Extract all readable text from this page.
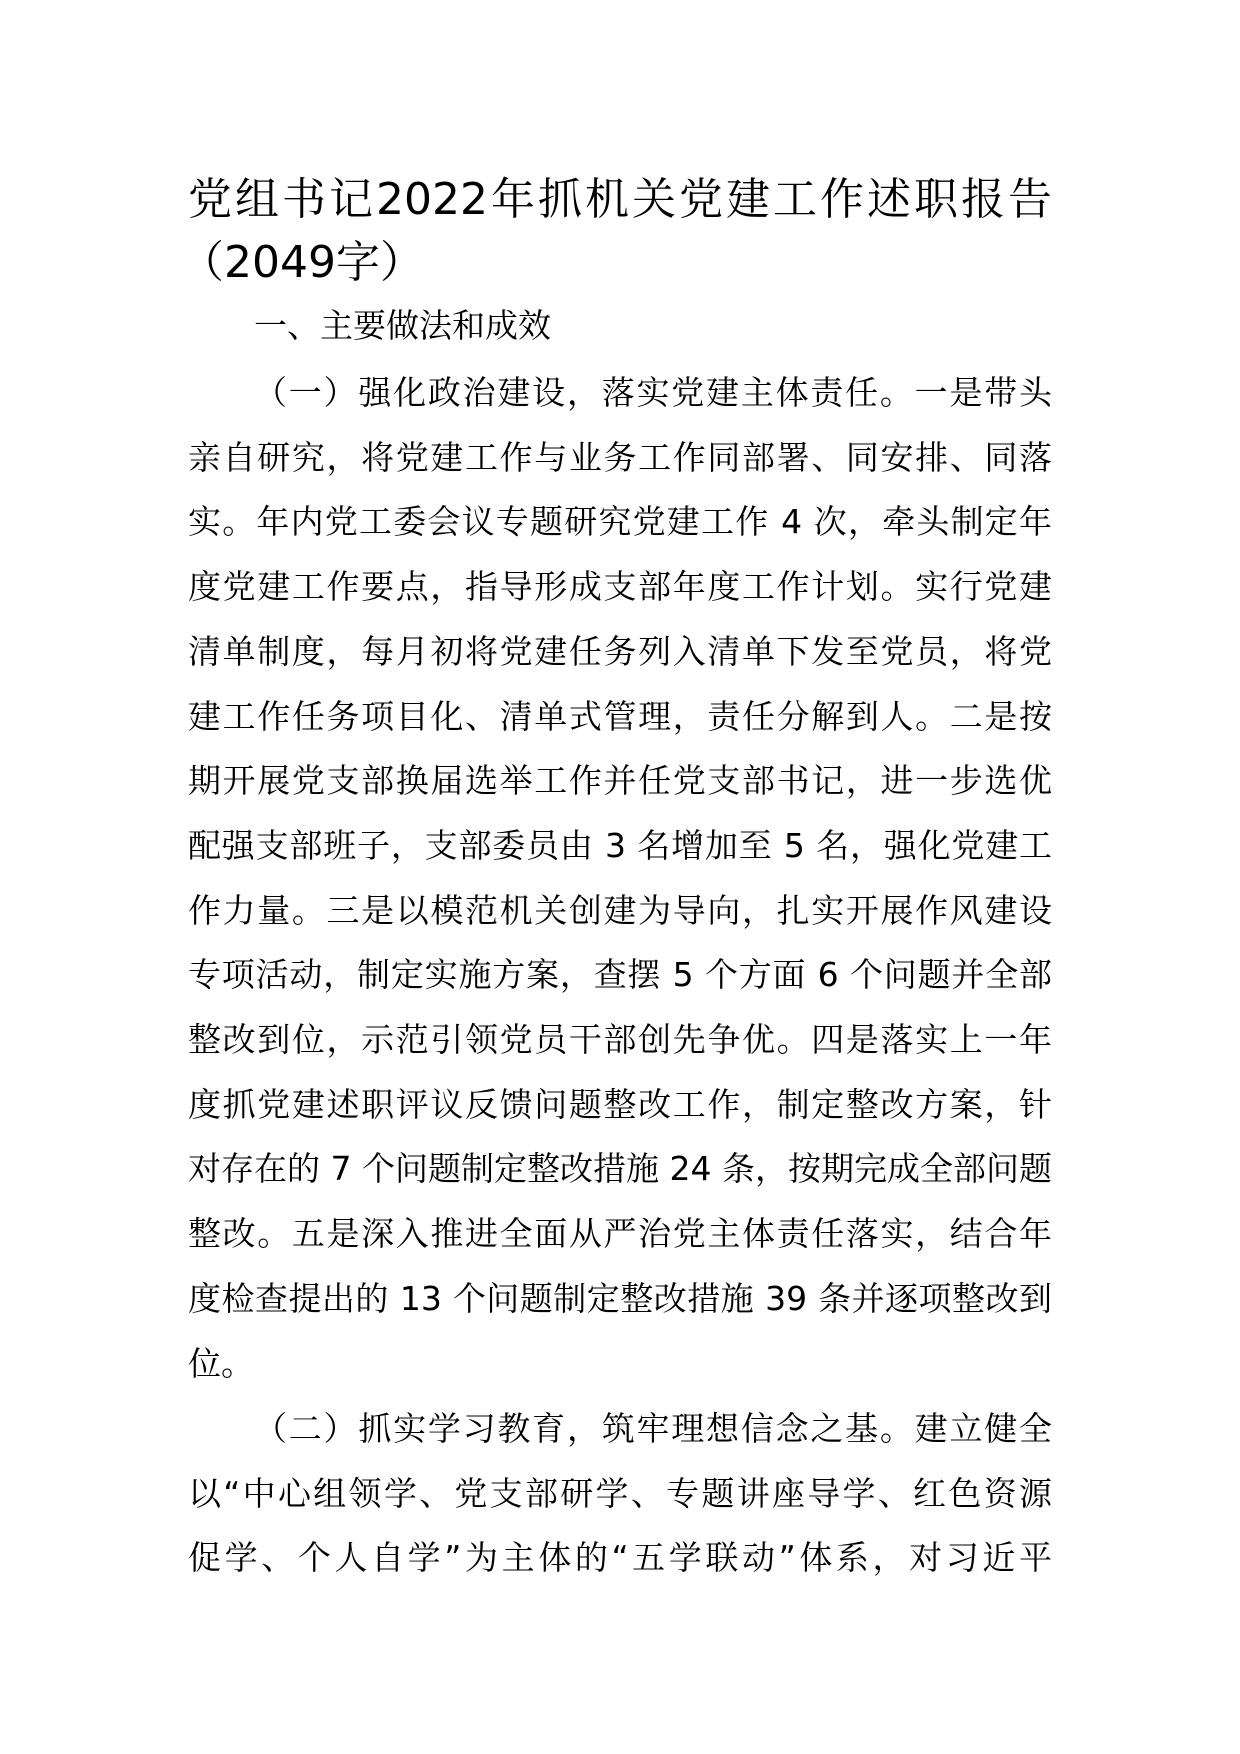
党组书记2022年抓机关党建工作述职报告
（2049字）
一、主要做法和成效
（一）强化政治建设，落实党建主体责任。一是带头
亲自研究，将党建工作与业务工作同部署、同安排、同落
实。年内党工委会议专题研究党建工作 4 次，牵头制定年
度党建工作要点，指导形成支部年度工作计划。实行党建
清单制度，每月初将党建任务列入清单下发至党员，将党
建工作任务项目化、清单式管理，责任分解到人。二是按
期开展党支部换届选举工作并任党支部书记，进一步选优
配强支部班子，支部委员由 3 名增加至 5 名，强化党建工
作力量。三是以模范机关创建为导向，扎实开展作风建设
专项活动，制定实施方案，查摆 5 个方面 6 个问题并全部
整改到位，示范引领党员干部创先争优。四是落实上一年
度抓党建述职评议反馈问题整改工作，制定整改方案，针
对存在的 7 个问题制定整改措施 24 条，按期完成全部问题
整改。五是深入推进全面从严治党主体责任落实，结合年
度检查提出的 13 个问题制定整改措施 39 条并逐项整改到
位。
（二）抓实学习教育，筑牢理想信念之基。建立健全
以“中心组领学、党支部研学、专题讲座导学、红色资源
促学、个人自学”为主体的“五学联动”体系，对习近平
